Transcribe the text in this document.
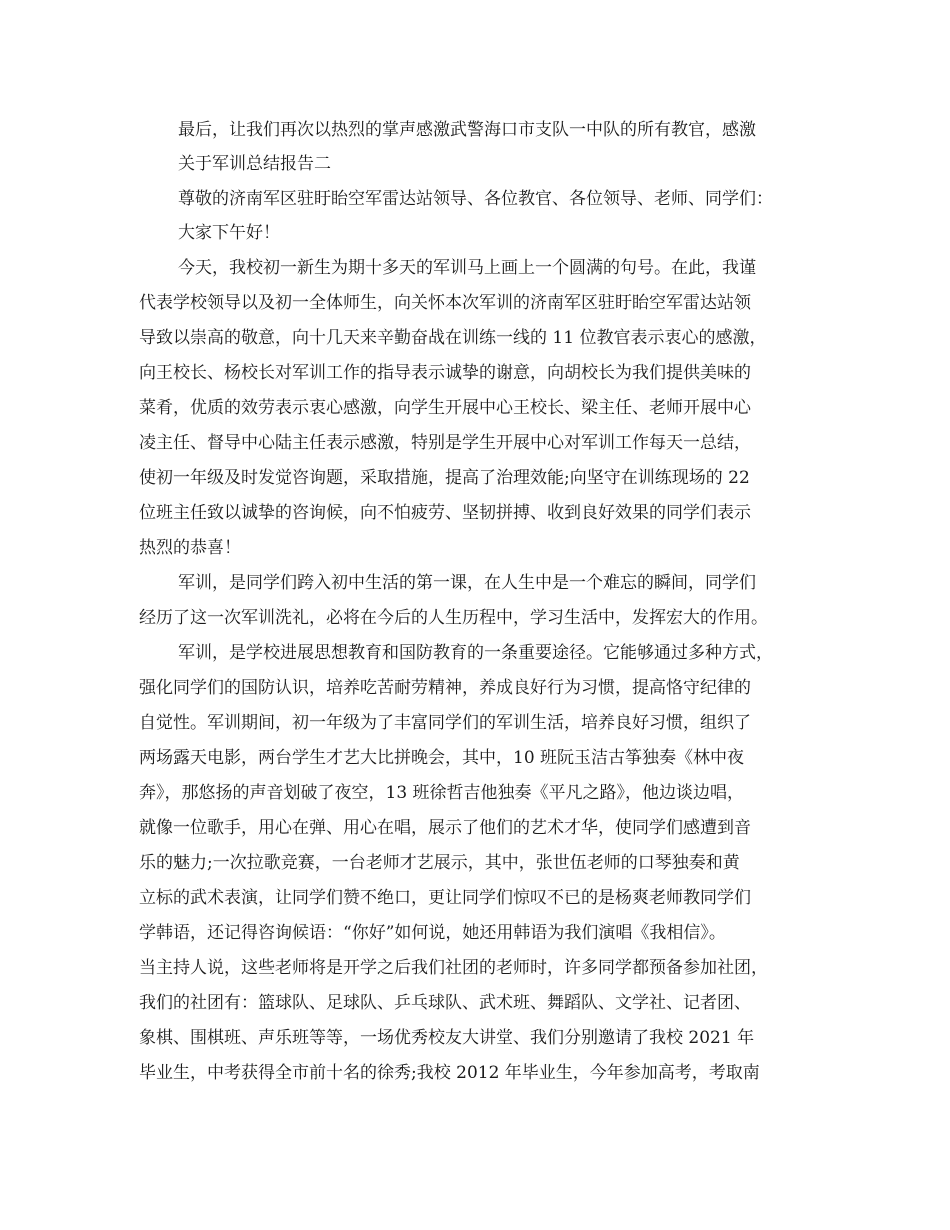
最后，让我们再次以热烈的掌声感激武警海口市支队一中队的所有教官，感激
关于军训总结报告二
尊敬的济南军区驻盱眙空军雷达站领导、各位教官、各位领导、老师、同学们：
大家下午好！
今天，我校初一新生为期十多天的军训马上画上一个圆满的句号。在此，我谨
代表学校领导以及初一全体师生，向关怀本次军训的济南军区驻盱眙空军雷达站领
导致以崇高的敬意，向十几天来辛勤奋战在训练一线的 11 位教官表示衷心的感激，
向王校长、杨校长对军训工作的指导表示诚挚的谢意，向胡校长为我们提供美味的
菜肴，优质的效劳表示衷心感激，向学生开展中心王校长、梁主任、老师开展中心
凌主任、督导中心陆主任表示感激，特别是学生开展中心对军训工作每天一总结，
使初一年级及时发觉咨询题，采取措施，提高了治理效能;向坚守在训练现场的 22
位班主任致以诚挚的咨询候，向不怕疲劳、坚韧拼搏、收到良好效果的同学们表示
热烈的恭喜！
军训，是同学们跨入初中生活的第一课，在人生中是一个难忘的瞬间，同学们
经历了这一次军训洗礼，必将在今后的人生历程中，学习生活中，发挥宏大的作用。
军训，是学校进展思想教育和国防教育的一条重要途径。它能够通过多种方式，
强化同学们的国防认识，培养吃苦耐劳精神，养成良好行为习惯，提高恪守纪律的
自觉性。军训期间，初一年级为了丰富同学们的军训生活，培养良好习惯，组织了
两场露天电影，两台学生才艺大比拼晚会，其中，10 班阮玉洁古筝独奏《林中夜
奔》，那悠扬的声音划破了夜空，13 班徐哲吉他独奏《平凡之路》，他边谈边唱，
就像一位歌手，用心在弹、用心在唱，展示了他们的艺术才华，使同学们感遭到音
乐的魅力;一次拉歌竞赛，一台老师才艺展示，其中，张世伍老师的口琴独奏和黄
立标的武术表演，让同学们赞不绝口，更让同学们惊叹不已的是杨爽老师教同学们
学韩语，还记得咨询候语：“你好”如何说，她还用韩语为我们演唱《我相信》。
当主持人说，这些老师将是开学之后我们社团的老师时，许多同学都预备参加社团，
我们的社团有：篮球队、足球队、乒乓球队、武术班、舞蹈队、文学社、记者团、
象棋、围棋班、声乐班等等，一场优秀校友大讲堂、我们分别邀请了我校 2021 年
毕业生，中考获得全市前十名的徐秀;我校 2012 年毕业生，今年参加高考，考取南
